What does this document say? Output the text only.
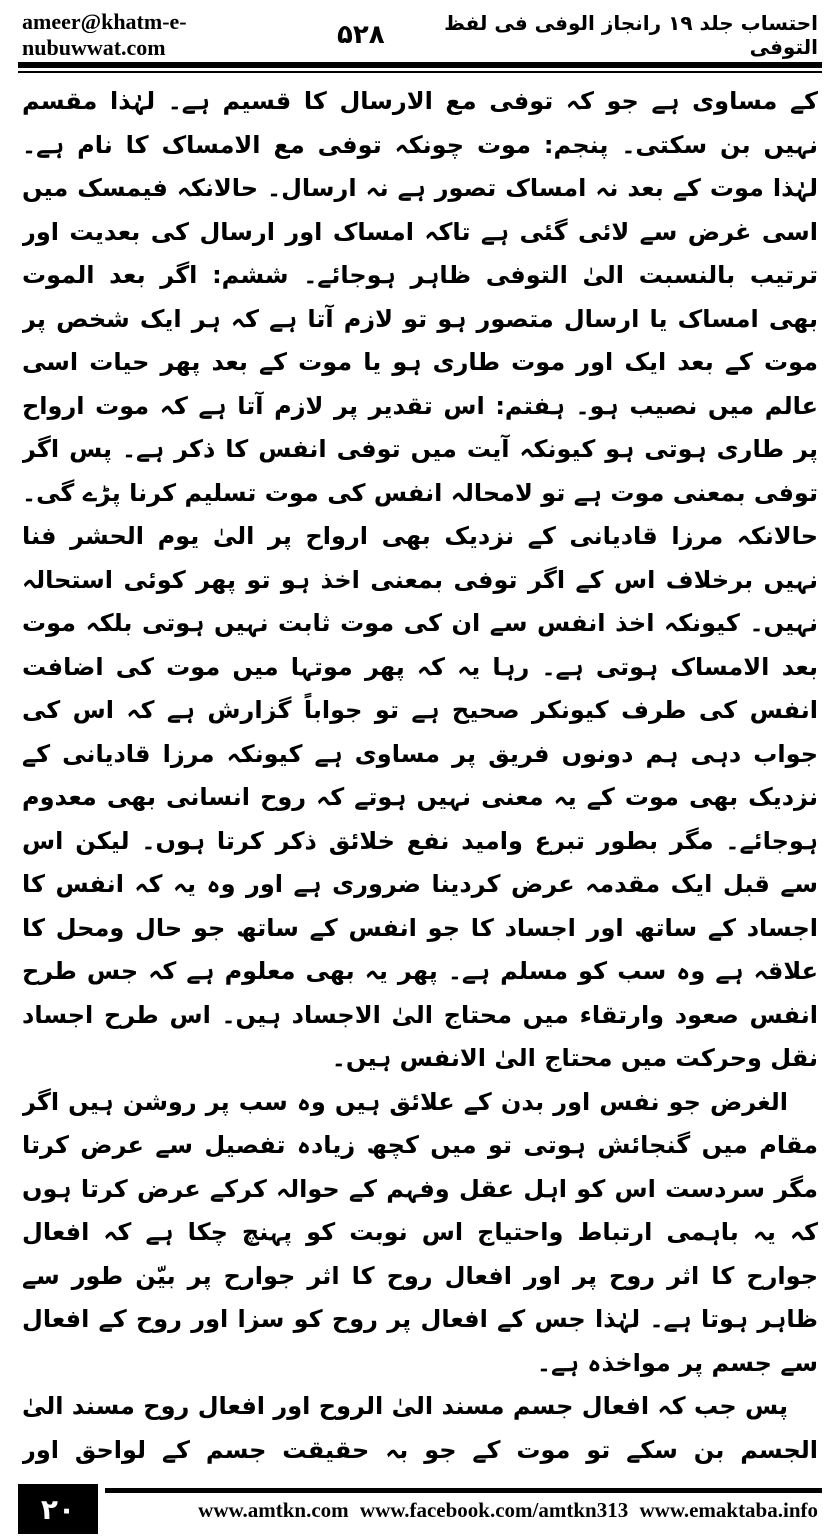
ameer@khatm-e-nubuwwat.com	۵۲۸	احتساب جلد ۱۹ رانجاز الوفی فی لفظ التوفی

کے مساوی ہے جو کہ توفی مع الارسال کا قسیم ہے۔ لہٰذا مقسم نہیں بن سکتی۔ پنجم: موت چونکہ توفی مع الامساک کا نام ہے۔ لہٰذا موت کے بعد نہ امساک تصور ہے نہ ارسال۔ حالانکہ فیمسک میں اسی غرض سے لائی گئی ہے تاکہ امساک اور ارسال کی بعدیت اور ترتیب بالنسبت الیٰ التوفی ظاہر ہوجائے۔ ششم: اگر بعد الموت بھی امساک یا ارسال متصور ہو تو لازم آتا ہے کہ ہر ایک شخص پر موت کے بعد ایک اور موت طاری ہو یا موت کے بعد پھر حیات اسی عالم میں نصیب ہو۔ ہفتم: اس تقدیر پر لازم آتا ہے کہ موت ارواح پر طاری ہوتی ہو کیونکہ آیت میں توفی انفس کا ذکر ہے۔ پس اگر توفی بمعنی موت ہے تو لامحالہ انفس کی موت تسلیم کرنا پڑے گی۔ حالانکہ مرزا قادیانی کے نزدیک بھی ارواح پر الیٰ یوم الحشر فنا نہیں برخلاف اس کے اگر توفی بمعنی اخذ ہو تو پھر کوئی استحالہ نہیں۔ کیونکہ اخذ انفس سے ان کی موت ثابت نہیں ہوتی بلکہ موت بعد الامساک ہوتی ہے۔ رہا یہ کہ پھر موتہا میں موت کی اضافت انفس کی طرف کیونکر صحیح ہے تو جواباً گزارش ہے کہ اس کی جواب دہی ہم دونوں فریق پر مساوی ہے کیونکہ مرزا قادیانی کے نزدیک بھی موت کے یہ معنی نہیں ہوتے کہ روح انسانی بھی معدوم ہوجائے۔ مگر بطور تبرع وامید نفع خلائق ذکر کرتا ہوں۔ لیکن اس سے قبل ایک مقدمہ عرض کردینا ضروری ہے اور وہ یہ کہ انفس کا اجساد کے ساتھ اور اجساد کا جو انفس کے ساتھ جو حال ومحل کا علاقہ ہے وہ سب کو مسلم ہے۔ پھر یہ بھی معلوم ہے کہ جس طرح انفس صعود وارتقاء میں محتاج الیٰ الاجساد ہیں۔ اس طرح اجساد نقل وحرکت میں محتاج الیٰ الانفس ہیں۔

الغرض جو نفس اور بدن کے علائق ہیں وہ سب پر روشن ہیں اگر مقام میں گنجائش ہوتی تو میں کچھ زیادہ تفصیل سے عرض کرتا مگر سردست اس کو اہل عقل وفہم کے حوالہ کرکے عرض کرتا ہوں کہ یہ باہمی ارتباط واحتیاج اس نوبت کو پہنچ چکا ہے کہ افعال جوارح کا اثر روح پر اور افعال روح کا اثر جوارح پر بیّن طور سے ظاہر ہوتا ہے۔ لہٰذا جس کے افعال پر روح کو سزا اور روح کے افعال سے جسم پر مواخذہ ہے۔

پس جب کہ افعال جسم مسند الیٰ الروح اور افعال روح مسند الیٰ الجسم بن سکے تو موت کے جو بہ حقیقت جسم کے لواحق اور

۲۰	www.amtkn.com www.facebook.com/amtkn313 www.emaktaba.info
